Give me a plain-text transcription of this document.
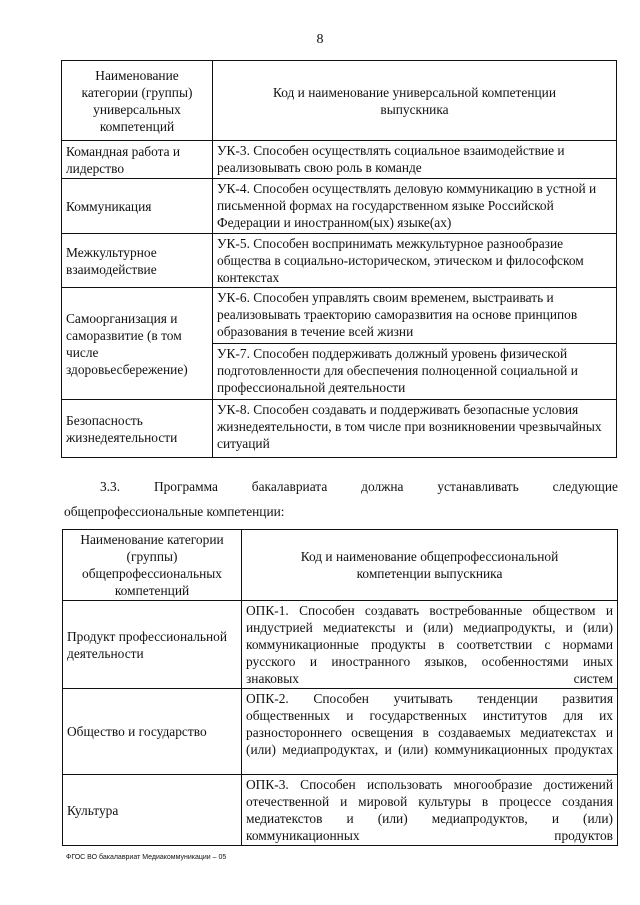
8
Наименование категории (группы) универсальных компетенций	Код и наименование универсальной компетенции выпускника
Командная работа и лидерство	УК-3. Способен осуществлять социальное взаимодействие и реализовывать свою роль в команде
Коммуникация	УК-4. Способен осуществлять деловую коммуникацию в устной и письменной формах на государственном языке Российской Федерации и иностранном(ых) языке(ах)
Межкультурное взаимодействие	УК-5. Способен воспринимать межкультурное разнообразие общества в социально-историческом, этическом и философском контекстах
Самоорганизация и саморазвитие (в том числе здоровьесбережение)	УК-6. Способен управлять своим временем, выстраивать и реализовывать траекторию саморазвития на основе принципов образования в течение всей жизни
	УК-7. Способен поддерживать должный уровень физической подготовленности для обеспечения полноценной социальной и профессиональной деятельности
Безопасность жизнедеятельности	УК-8. Способен создавать и поддерживать безопасные условия жизнедеятельности, в том числе при возникновении чрезвычайных ситуаций
3.3.	Программа	бакалавриата	должна	устанавливать	следующие
общепрофессиональные компетенции:
Наименование категории (группы) общепрофессиональных компетенций	Код и наименование общепрофессиональной компетенции выпускника
Продукт профессиональной деятельности	ОПК-1. Способен создавать востребованные обществом и индустрией медиатексты и (или) медиапродукты, и (или) коммуникационные продукты в соответствии с нормами русского и иностранного языков, особенностями иных знаковых систем
Общество и государство	ОПК-2. Способен учитывать тенденции развития общественных и государственных институтов для их разностороннего освещения в создаваемых медиатекстах и (или) медиапродуктах, и (или) коммуникационных продуктах
Культура	ОПК-3. Способен использовать многообразие достижений отечественной и мировой культуры в процессе создания медиатекстов и (или) медиапродуктов, и (или) коммуникационных продуктов
ФГОС ВО бакалавриат Медиакоммуникации – 05
